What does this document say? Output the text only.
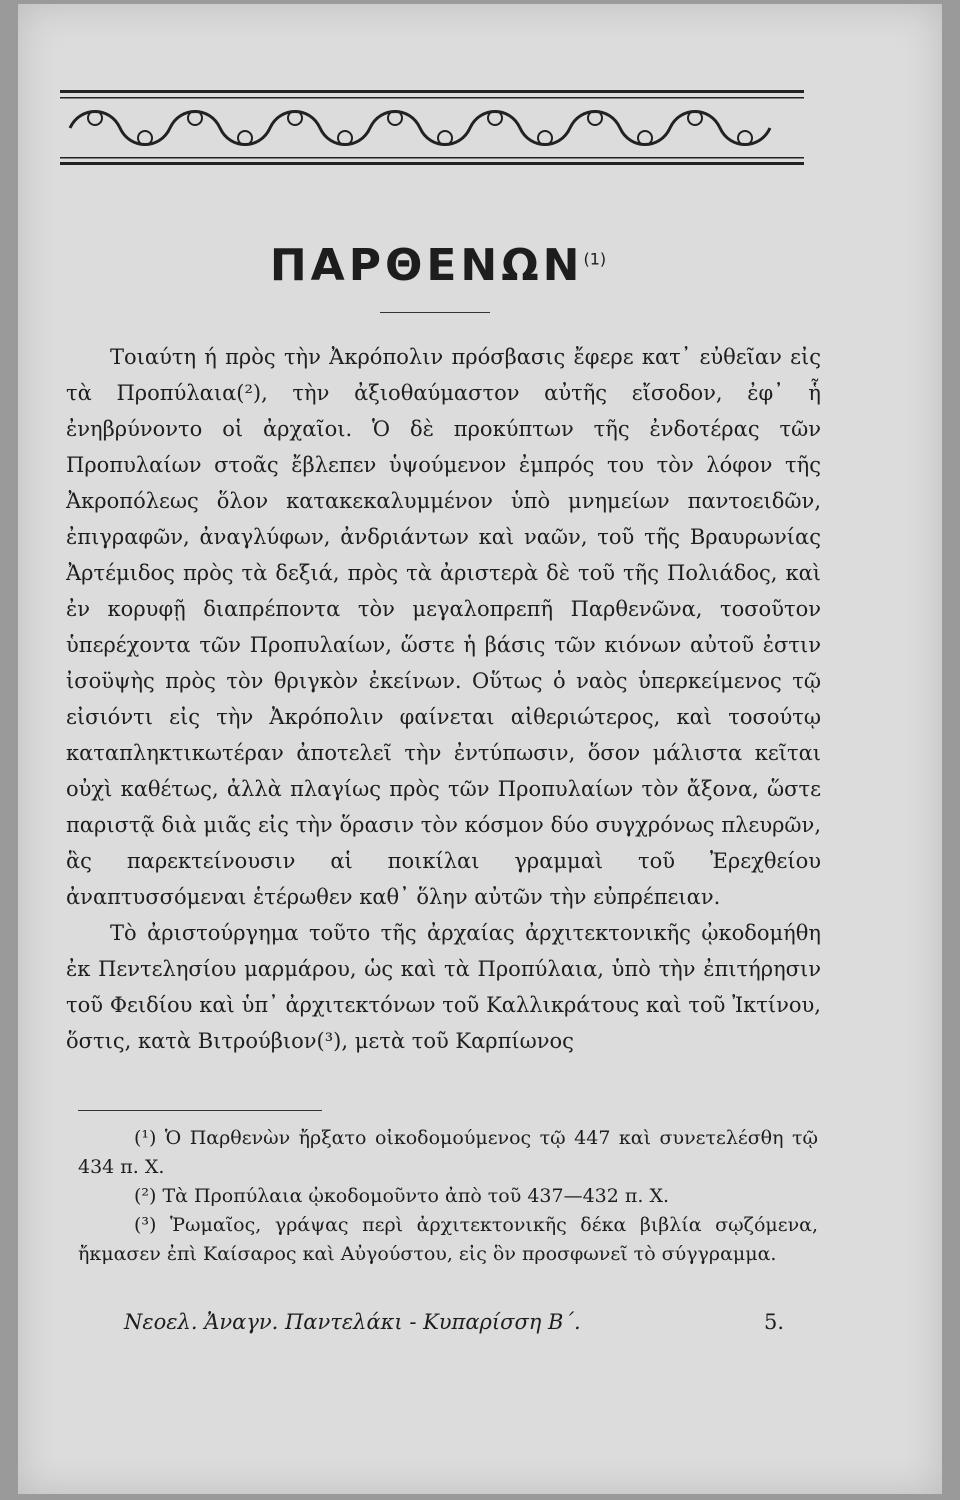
ΠΑΡΘΕΝΩΝ$^{(1)}$

Τοιαύτη ή πρὸς τὴν Ἀκρόπολιν πρόσβασις ἔφερε κατ᾽ εὐθεῖαν εἰς τὰ Προπύλαια(²), τὴν ἀξιοθαύμαστον αὐτῆς εἴσοδον, ἐφ᾽ ἧ ἐνηβρύνοντο οἱ ἀρχαῖοι. Ὁ δὲ προκύπτων τῆς ἐνδοτέρας τῶν Προπυλαίων στοᾶς ἔβλεπεν ὑψούμενον ἐμπρός του τὸν λόφον τῆς Ἀκροπόλεως ὅλον κατακεκαλυμμένον ὑπὸ μνημείων παντοειδῶν, ἐπιγραφῶν, ἀναγλύφων, ἀνδριάντων καὶ ναῶν, τοῦ τῆς Βραυρωνίας Ἀρτέμιδος πρὸς τὰ δεξιά, πρὸς τὰ ἀριστερὰ δὲ τοῦ τῆς Πολιάδος, καὶ ἐν κορυφῇ διαπρέποντα τὸν μεγαλοπρεπῆ Παρθενῶνα, τοσοῦτον ὑπερέχοντα τῶν Προπυλαίων, ὥστε ἡ βάσις τῶν κιόνων αὐτοῦ ἐστιν ἰσοϋψὴς πρὸς τὸν θριγκὸν ἐκείνων. Οὕτως ὁ ναὸς ὑπερκείμενος τῷ εἰσιόντι εἰς τὴν Ἀκρόπολιν φαίνεται αἰθεριώτερος, καὶ τοσούτῳ καταπληκτικωτέραν ἀποτελεῖ τὴν ἐντύπωσιν, ὅσον μάλιστα κεῖται οὐχὶ καθέτως, ἀλλὰ πλαγίως πρὸς τῶν Προπυλαίων τὸν ἄξονα, ὥστε παριστᾷ διὰ μιᾶς εἰς τὴν ὅρασιν τὸν κόσμον δύο συγχρόνως πλευρῶν, ἃς παρεκτείνουσιν αἱ ποικίλαι γραμμαὶ τοῦ Ἐρεχθείου ἀναπτυσσόμεναι ἑτέρωθεν καθ᾽ ὅλην αὐτῶν τὴν εὐπρέπειαν.

Τὸ ἀριστούργημα τοῦτο τῆς ἀρχαίας ἀρχιτεκτονικῆς ᾠκοδομήθη ἐκ Πεντελησίου μαρμάρου, ὡς καὶ τὰ Προπύλαια, ὑπὸ τὴν ἐπιτήρησιν τοῦ Φειδίου καὶ ὑπ᾽ ἀρχιτεκτόνων τοῦ Καλλικράτους καὶ τοῦ Ἰκτίνου, ὅστις, κατὰ Βιτρούβιον(³), μετὰ τοῦ Καρπίωνος

(¹) Ὁ Παρθενὼν ἤρξατο οἰκοδομούμενος τῷ 447 καὶ συνετελέσθη τῷ 434 π. Χ.

(²) Τὰ Προπύλαια ᾠκοδομοῦντο ἀπὸ τοῦ 437—432 π. Χ.

(³) Ῥωμαῖος, γράψας περὶ ἀρχιτεκτονικῆς δέκα βιβλία σῳζόμενα, ἤκμασεν ἐπὶ Καίσαρος καὶ Αὐγούστου, εἰς ὃν προσφωνεῖ τὸ σύγγραμμα.

Νεοελ. Ἀναγν. Παντελάκι - Κυπαρίσση Β΄.	5.
